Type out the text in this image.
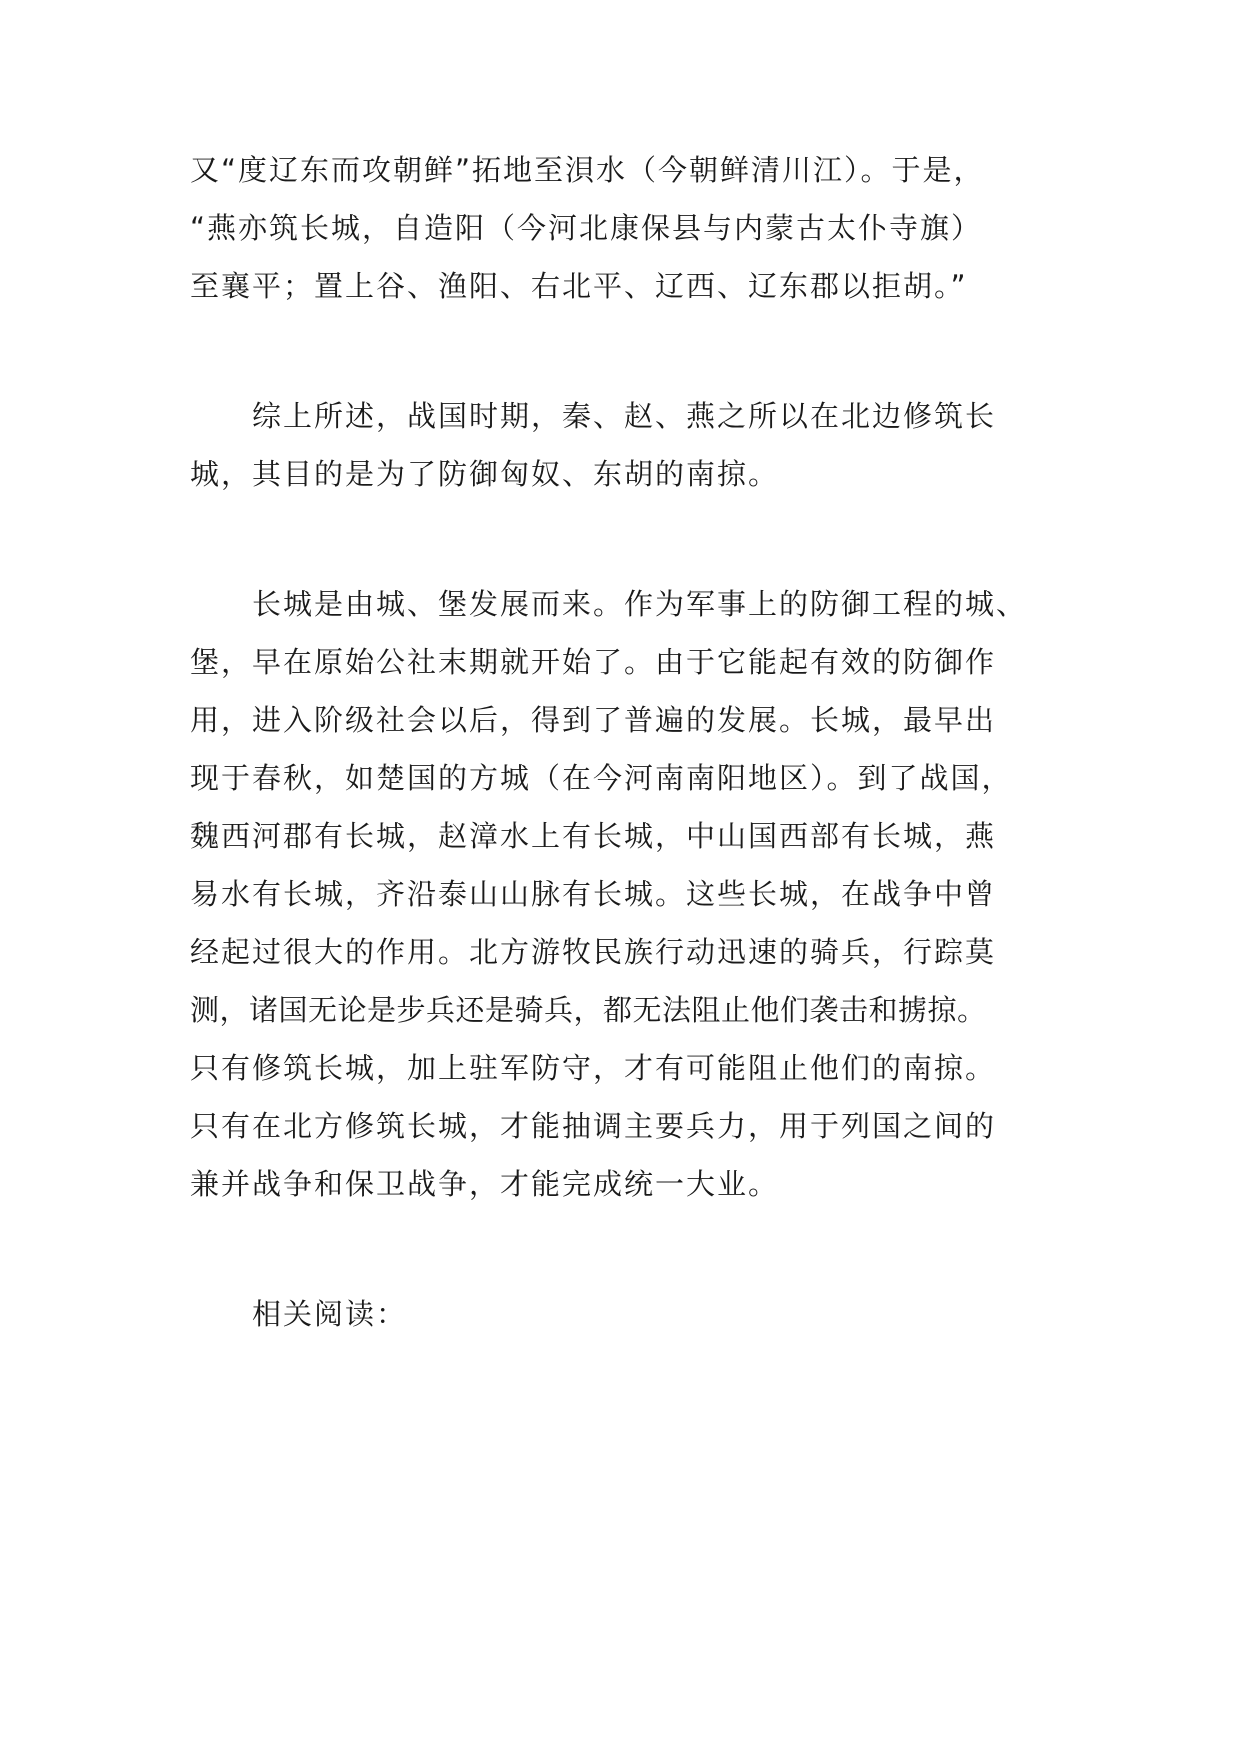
又“度辽东而攻朝鲜”拓地至浿水（今朝鲜清川江）。于是，
“燕亦筑长城，自造阳（今河北康保县与内蒙古太仆寺旗）
至襄平；置上谷、渔阳、右北平、辽西、辽东郡以拒胡。”
综上所述，战国时期，秦、赵、燕之所以在北边修筑长
城，其目的是为了防御匈奴、东胡的南掠。
长城是由城、堡发展而来。作为军事上的防御工程的城、
堡，早在原始公社末期就开始了。由于它能起有效的防御作
用，进入阶级社会以后，得到了普遍的发展。长城，最早出
现于春秋，如楚国的方城（在今河南南阳地区）。到了战国，
魏西河郡有长城，赵漳水上有长城，中山国西部有长城，燕
易水有长城，齐沿泰山山脉有长城。这些长城，在战争中曾
经起过很大的作用。北方游牧民族行动迅速的骑兵，行踪莫
测，诸国无论是步兵还是骑兵，都无法阻止他们袭击和掳掠。
只有修筑长城，加上驻军防守，才有可能阻止他们的南掠。
只有在北方修筑长城，才能抽调主要兵力，用于列国之间的
兼并战争和保卫战争，才能完成统一大业。
相关阅读：
